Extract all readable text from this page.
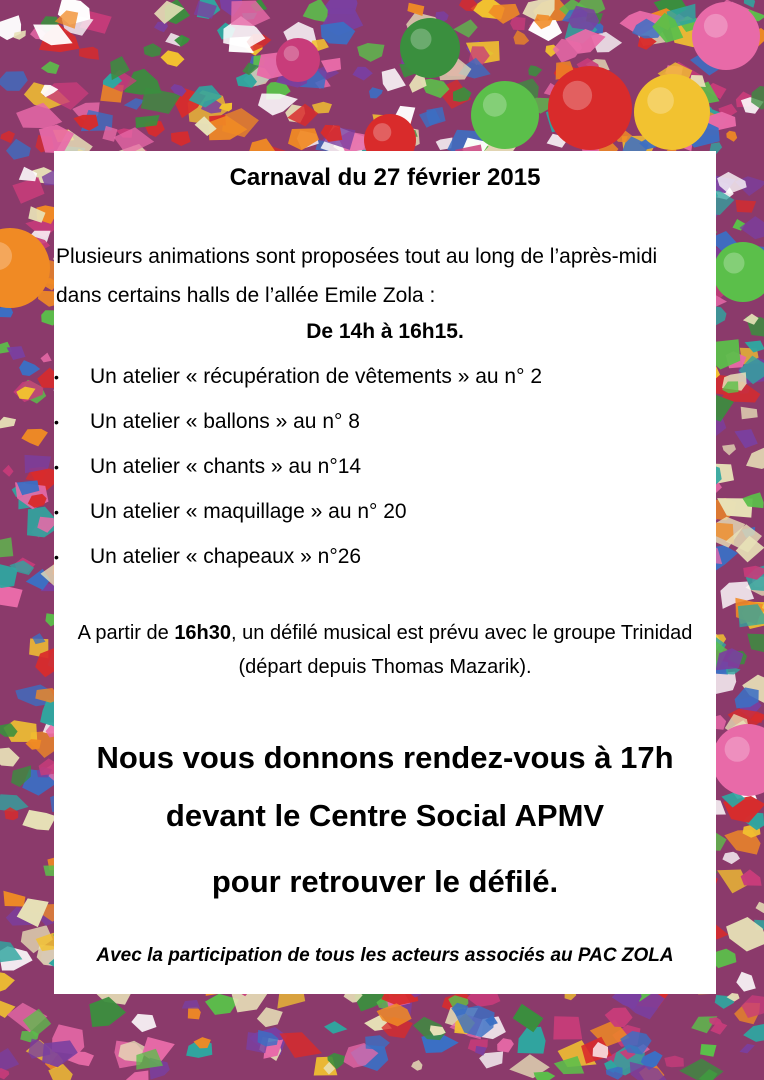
Carnaval du 27 février 2015
Plusieurs animations sont proposées tout au long de l’après-midi dans certains halls de l’allée Emile Zola :
De 14h à 16h15.
• Un atelier « récupération de vêtements » au n° 2
• Un atelier « ballons » au n° 8
• Un atelier « chants » au n°14
• Un atelier « maquillage » au n° 20
• Un atelier « chapeaux » n°26
A partir de 16h30, un défilé musical est prévu avec le groupe Trinidad (départ depuis Thomas Mazarik).
Nous vous donnons rendez-vous à 17h
devant le Centre Social APMV
pour retrouver le défilé.
Avec la participation de tous les acteurs associés au PAC ZOLA
